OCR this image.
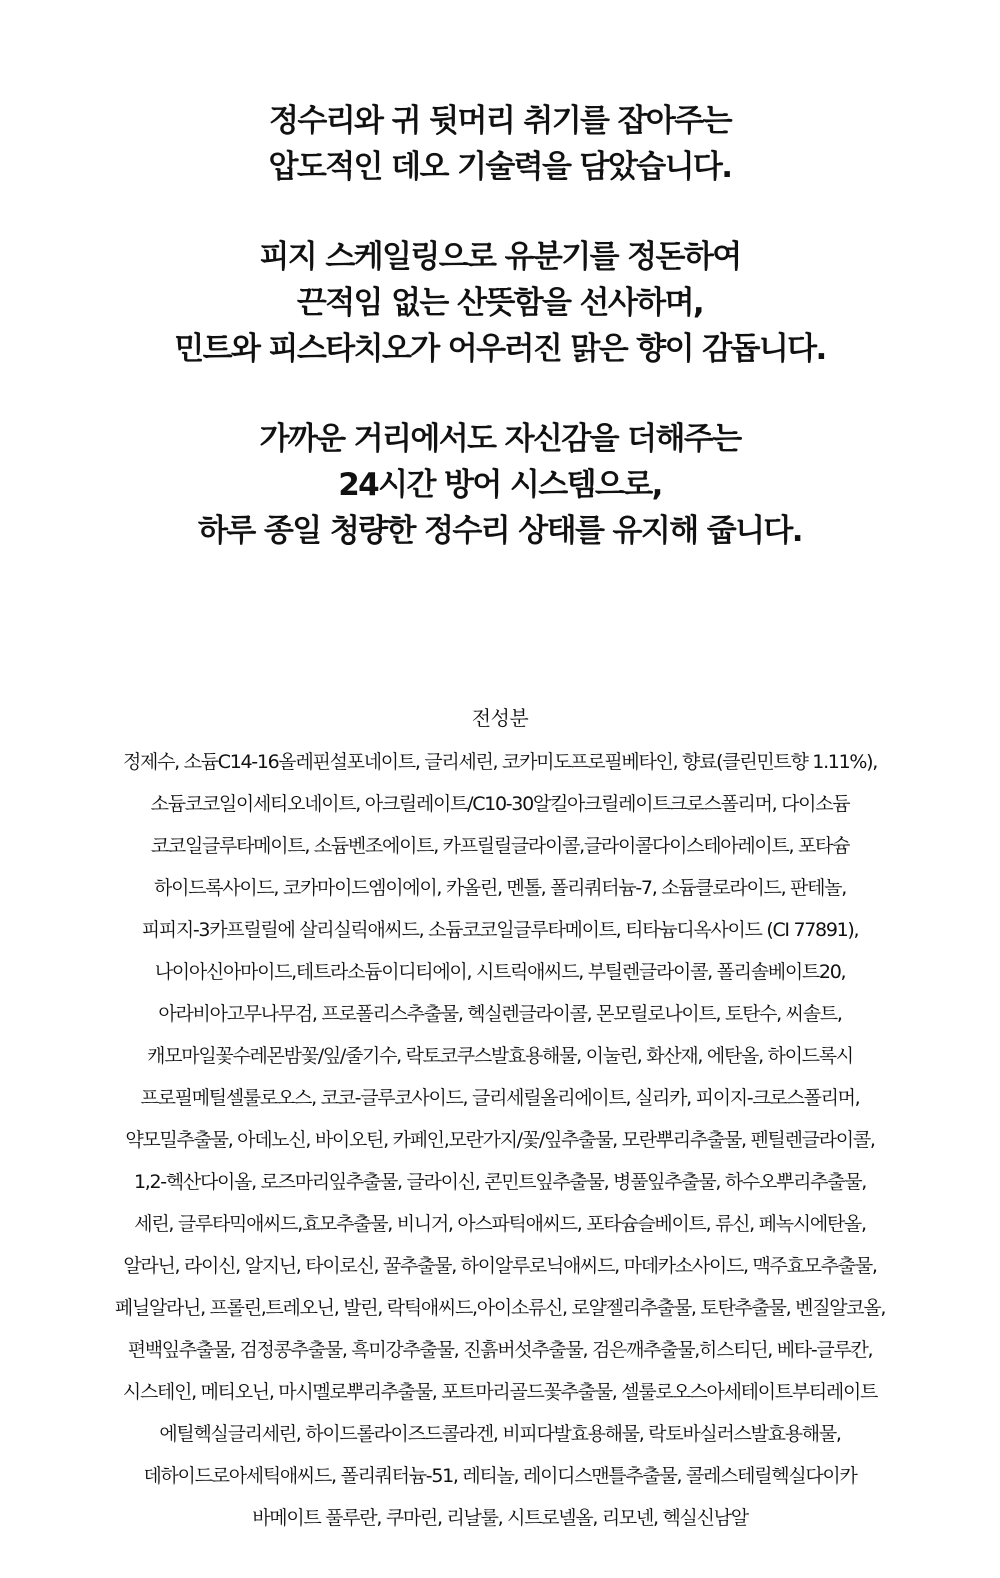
정수리와 귀 뒷머리 취기를 잡아주는
압도적인 데오 기술력을 담았습니다.

피지 스케일링으로 유분기를 정돈하여
끈적임 없는 산뜻함을 선사하며,
민트와 피스타치오가 어우러진 맑은 향이 감돕니다.

가까운 거리에서도 자신감을 더해주는
24시간 방어 시스템으로,
하루 종일 청량한 정수리 상태를 유지해 줍니다.

전성분
정제수, 소듐C14-16올레핀설포네이트, 글리세린, 코카미도프로필베타인, 향료(클린민트향 1.11%),
소듐코코일이세티오네이트, 아크릴레이트/C10-30알킬아크릴레이트크로스폴리머, 다이소듐
코코일글루타메이트, 소듐벤조에이트, 카프릴릴글라이콜,글라이콜다이스테아레이트, 포타슘
하이드록사이드, 코카마이드엠이에이, 카올린, 멘톨, 폴리쿼터늄-7, 소듐클로라이드, 판테놀,
피피지-3카프릴릴에 살리실릭애씨드, 소듐코코일글루타메이트, 티타늄디옥사이드 (CI 77891),
나이아신아마이드,테트라소듐이디티에이, 시트릭애씨드, 부틸렌글라이콜, 폴리솔베이트20,
아라비아고무나무검, 프로폴리스추출물, 헥실렌글라이콜, 몬모릴로나이트, 토탄수, 씨솔트,
캐모마일꽃수레몬밤꽃/잎/줄기수, 락토코쿠스발효용해물, 이눌린, 화산재, 에탄올, 하이드록시
프로필메틸셀룰로오스, 코코-글루코사이드, 글리세릴올리에이트, 실리카, 피이지-크로스폴리머,
약모밀추출물, 아데노신, 바이오틴, 카페인,모란가지/꽃/잎추출물, 모란뿌리추출물, 펜틸렌글라이콜,
1,2-헥산다이올, 로즈마리잎추출물, 글라이신, 콘민트잎추출물, 병풀잎추출물, 하수오뿌리추출물,
세린, 글루타믹애씨드,효모추출물, 비니거, 아스파틱애씨드, 포타슘슬베이트, 류신, 페녹시에탄올,
알라닌, 라이신, 알지닌, 타이로신, 꿀추출물, 하이알루로닉애씨드, 마데카소사이드, 맥주효모추출물,
페닐알라닌, 프롤린,트레오닌, 발린, 락틱애씨드,아이소류신, 로얄젤리추출물, 토탄추출물, 벤질알코올,
편백잎추출물, 검정콩추출물, 흑미강추출물, 진흙버섯추출물, 검은깨추출물,히스티딘, 베타-글루칸,
시스테인, 메티오닌, 마시멜로뿌리추출물, 포트마리골드꽃추출물, 셀룰로오스아세테이트부티레이트
에틸헥실글리세린, 하이드롤라이즈드콜라겐, 비피다발효용해물, 락토바실러스발효용해물,
데하이드로아세틱애씨드, 폴리쿼터늄-51, 레티놀, 레이디스맨틀추출물, 콜레스테릴헥실다이카
바메이트 풀루란, 쿠마린, 리날룰, 시트로넬올, 리모넨, 헥실신남알
